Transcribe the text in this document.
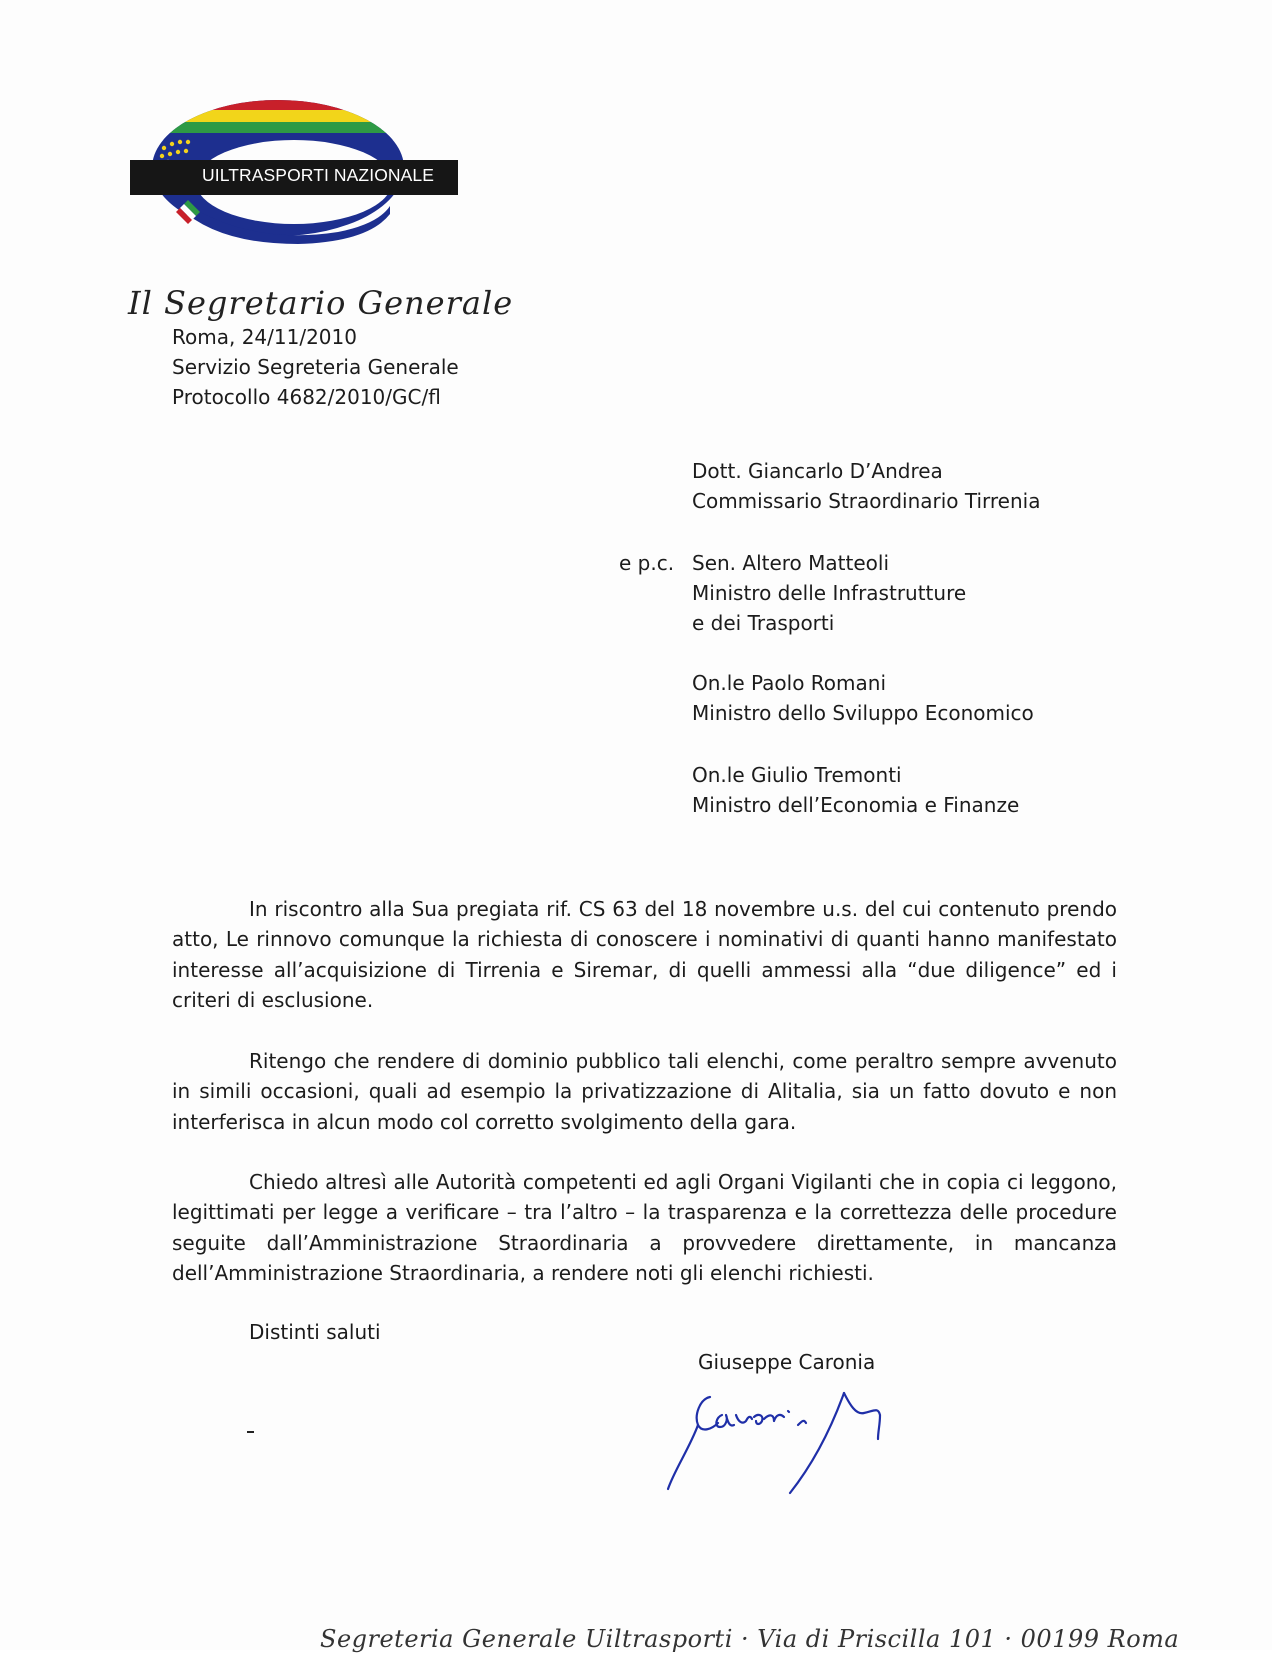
UILTRASPORTI NAZIONALE
Il Segretario Generale
Roma, 24/11/2010
Servizio Segreteria Generale
Protocollo 4682/2010/GC/fl
Dott. Giancarlo D’Andrea
Commissario Straordinario Tirrenia
e p.c. Sen. Altero Matteoli
Ministro delle Infrastrutture
e dei Trasporti
On.le Paolo Romani
Ministro dello Sviluppo Economico
On.le Giulio Tremonti
Ministro dell’Economia e Finanze
In riscontro alla Sua pregiata rif. CS 63 del 18 novembre u.s. del cui contenuto prendo atto, Le rinnovo comunque la richiesta di conoscere i nominativi di quanti hanno manifestato interesse all’acquisizione di Tirrenia e Siremar, di quelli ammessi alla “due diligence” ed i criteri di esclusione.
Ritengo che rendere di dominio pubblico tali elenchi, come peraltro sempre avvenuto in simili occasioni, quali ad esempio la privatizzazione di Alitalia, sia un fatto dovuto e non interferisca in alcun modo col corretto svolgimento della gara.
Chiedo altresì alle Autorità competenti ed agli Organi Vigilanti che in copia ci leggono, legittimati per legge a verificare – tra l’altro – la trasparenza e la correttezza delle procedure seguite dall’Amministrazione Straordinaria a provvedere direttamente, in mancanza dell’Amministrazione Straordinaria, a rendere noti gli elenchi richiesti.
Distinti saluti
Giuseppe Caronia
Segreteria Generale Uiltrasporti · Via di Priscilla 101 · 00199 Roma
